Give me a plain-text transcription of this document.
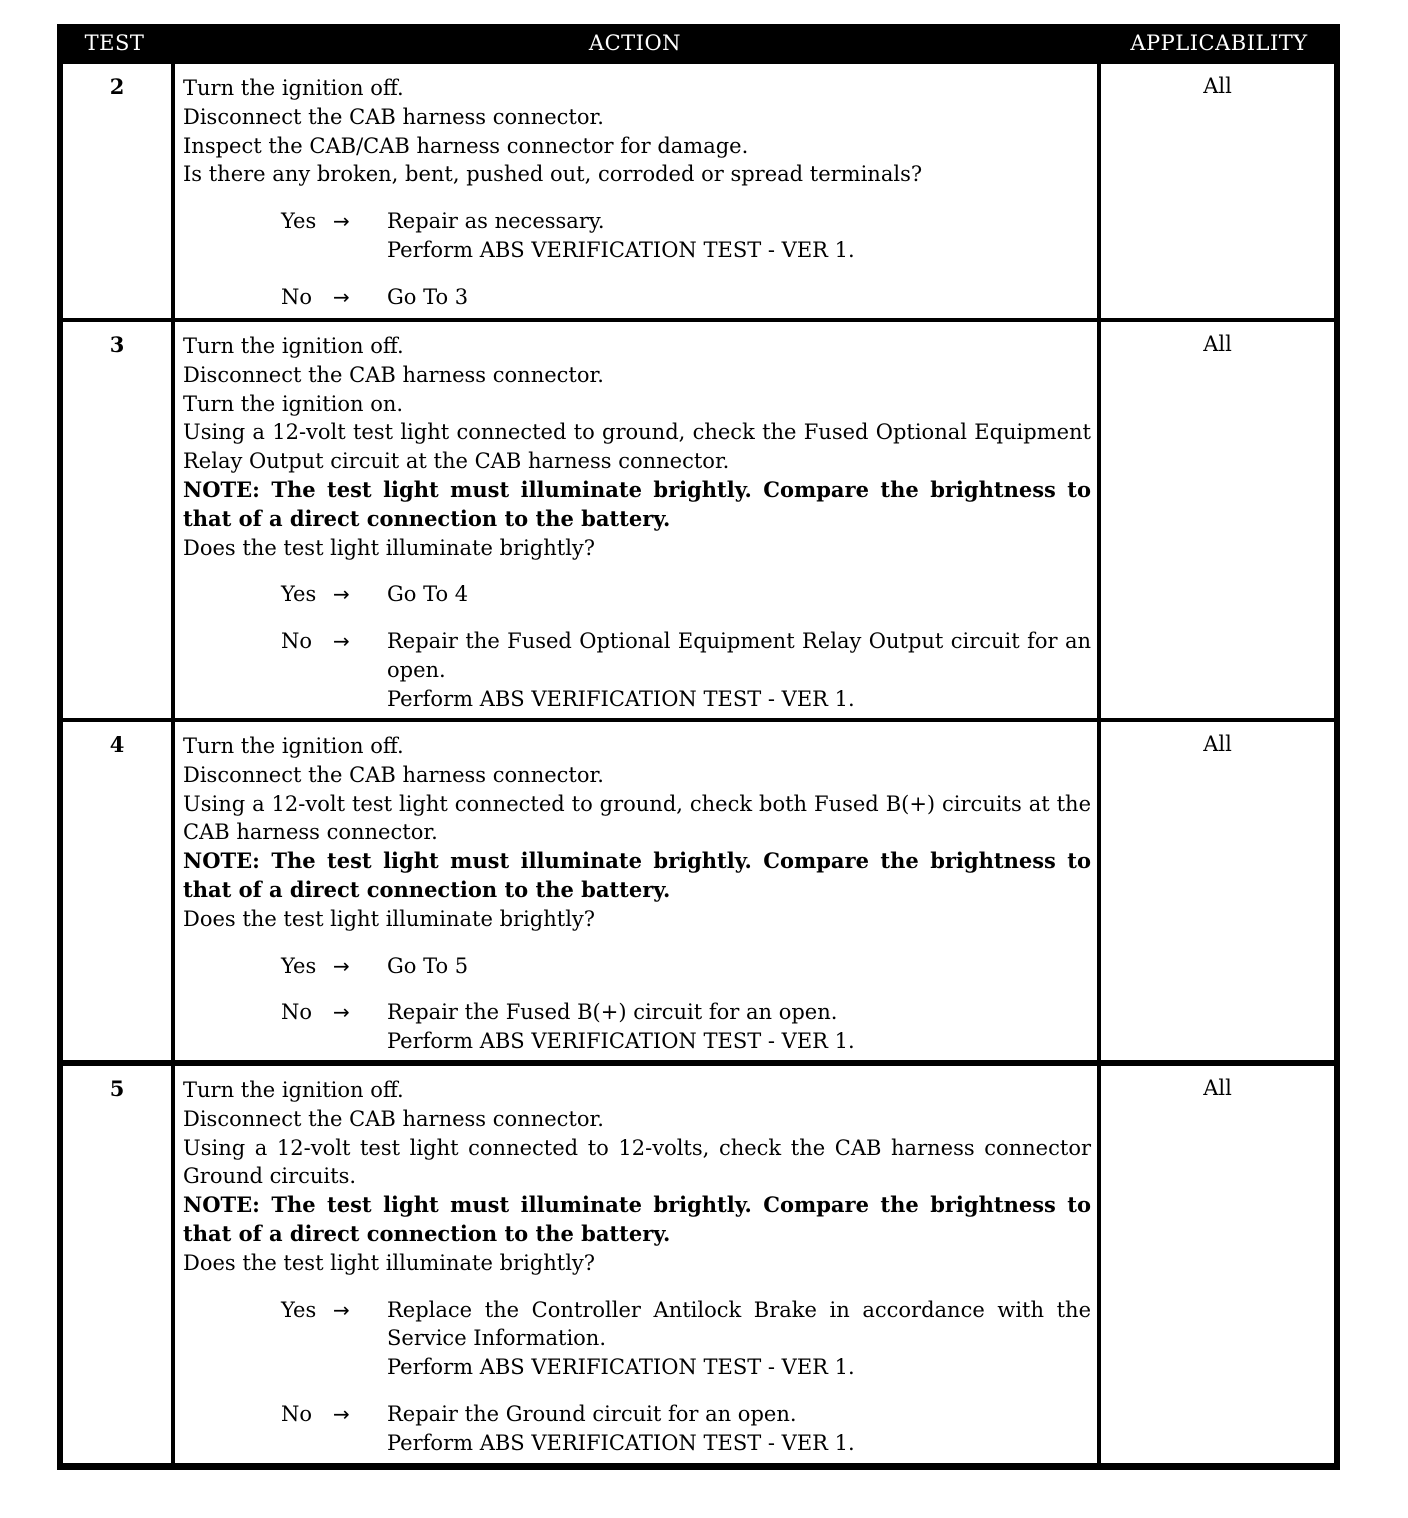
TEST	ACTION	APPLICABILITY
2	Turn the ignition off.
Disconnect the CAB harness connector.
Inspect the CAB/CAB harness connector for damage.
Is there any broken, bent, pushed out, corroded or spread terminals?
Yes →	Repair as necessary.
Perform ABS VERIFICATION TEST - VER 1.
No	→	Go To 3
All
3	Turn the ignition off.
Disconnect the CAB harness connector.
Turn the ignition on.
Using a 12-volt test light connected to ground, check the Fused Optional Equipment Relay Output circuit at the CAB harness connector.
NOTE: The test light must illuminate brightly. Compare the brightness to that of a direct connection to the battery.
Does the test light illuminate brightly?
Yes →	Go To 4
No	→	Repair the Fused Optional Equipment Relay Output circuit for an open.
Perform ABS VERIFICATION TEST - VER 1.
All
4	Turn the ignition off.
Disconnect the CAB harness connector.
Using a 12-volt test light connected to ground, check both Fused B(+) circuits at the CAB harness connector.
NOTE: The test light must illuminate brightly. Compare the brightness to that of a direct connection to the battery.
Does the test light illuminate brightly?
Yes →	Go To 5
No	→	Repair the Fused B(+) circuit for an open.
Perform ABS VERIFICATION TEST - VER 1.
All
5	Turn the ignition off.
Disconnect the CAB harness connector.
Using a 12-volt test light connected to 12-volts, check the CAB harness connector Ground circuits.
NOTE: The test light must illuminate brightly. Compare the brightness to that of a direct connection to the battery.
Does the test light illuminate brightly?
Yes →	Replace the Controller Antilock Brake in accordance with the Service Information.
Perform ABS VERIFICATION TEST - VER 1.
No	→	Repair the Ground circuit for an open.
Perform ABS VERIFICATION TEST - VER 1.
All
